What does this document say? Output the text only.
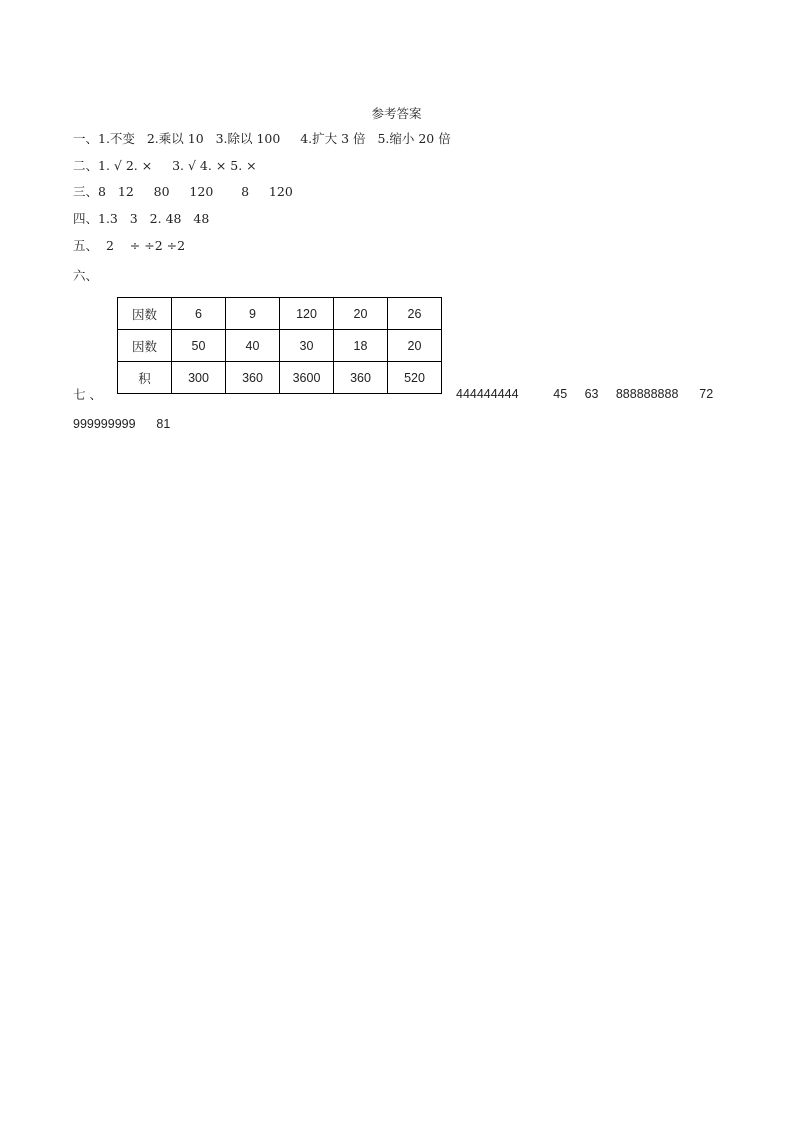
参考答案
一、1.不变   2.乘以 10   3.除以 100     4.扩大 3 倍   5.缩小 20 倍
二、1. √ 2. ×     3. √ 4. × 5. ×
三、8   12     80     120       8     120
四、1.3   3   2. 48   48
五、  2    ÷ ÷2 ÷2
六、
因数	6	9	120	20	26
因数	50	40	30	18	20
积	300	360	3600	360	520
七 、	444444444          45     63     888888888      72
999999999      81
